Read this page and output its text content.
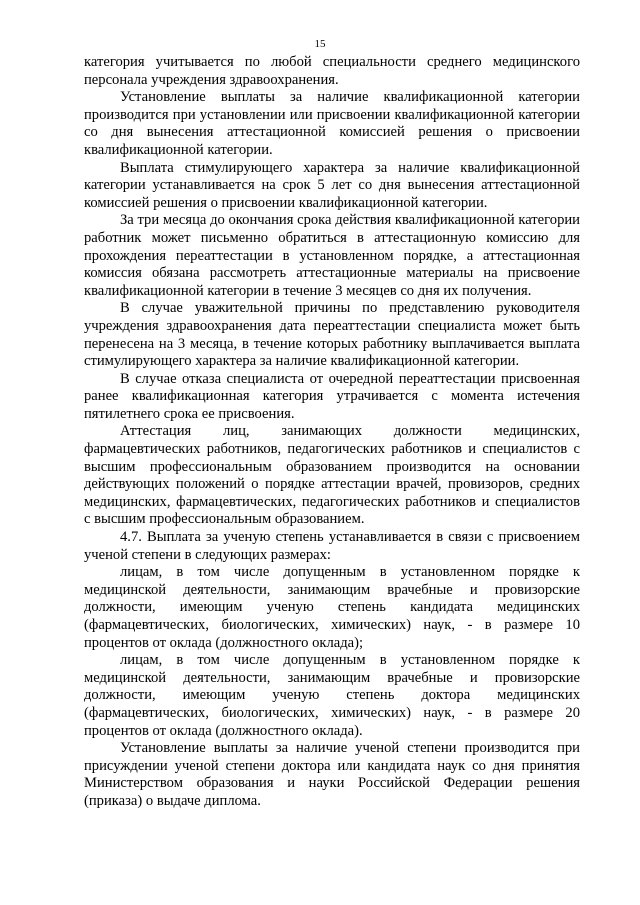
15

категория учитывается по любой специальности среднего медицинского персонала учреждения здравоохранения.

Установление выплаты за наличие квалификационной категории производится при установлении или присвоении квалификационной категории со дня вынесения аттестационной комиссией решения о присвоении квалификационной категории.

Выплата стимулирующего характера за наличие квалификационной категории устанавливается на срок 5 лет со дня вынесения аттестационной комиссией решения о присвоении квалификационной категории.

За три месяца до окончания срока действия квалификационной категории работник может письменно обратиться в аттестационную комиссию для прохождения переаттестации в установленном порядке, а аттестационная комиссия обязана рассмотреть аттестационные материалы на присвоение квалификационной категории в течение 3 месяцев со дня их получения.

В случае уважительной причины по представлению руководителя учреждения здравоохранения дата переаттестации специалиста может быть перенесена на 3 месяца, в течение которых работнику выплачивается выплата стимулирующего характера за наличие квалификационной категории.

В случае отказа специалиста от очередной переаттестации присвоенная ранее квалификационная категория утрачивается с момента истечения пятилетнего срока ее присвоения.

Аттестация лиц, занимающих должности медицинских, фармацевтических работников, педагогических работников и специалистов с высшим профессиональным образованием производится на основании действующих положений о порядке аттестации врачей, провизоров, средних медицинских, фармацевтических, педагогических работников и специалистов с высшим профессиональным образованием.

4.7. Выплата за ученую степень устанавливается в связи с присвоением ученой степени в следующих размерах:

лицам, в том числе допущенным в установленном порядке к медицинской деятельности, занимающим врачебные и провизорские должности, имеющим ученую степень кандидата медицинских (фармацевтических, биологических, химических) наук, - в размере 10 процентов от оклада (должностного оклада);

лицам, в том числе допущенным в установленном порядке к медицинской деятельности, занимающим врачебные и провизорские должности, имеющим ученую степень доктора медицинских (фармацевтических, биологических, химических) наук, - в размере 20 процентов от оклада (должностного оклада).

Установление выплаты за наличие ученой степени производится при присуждении ученой степени доктора или кандидата наук со дня принятия Министерством образования и науки Российской Федерации решения (приказа) о выдаче диплома.
